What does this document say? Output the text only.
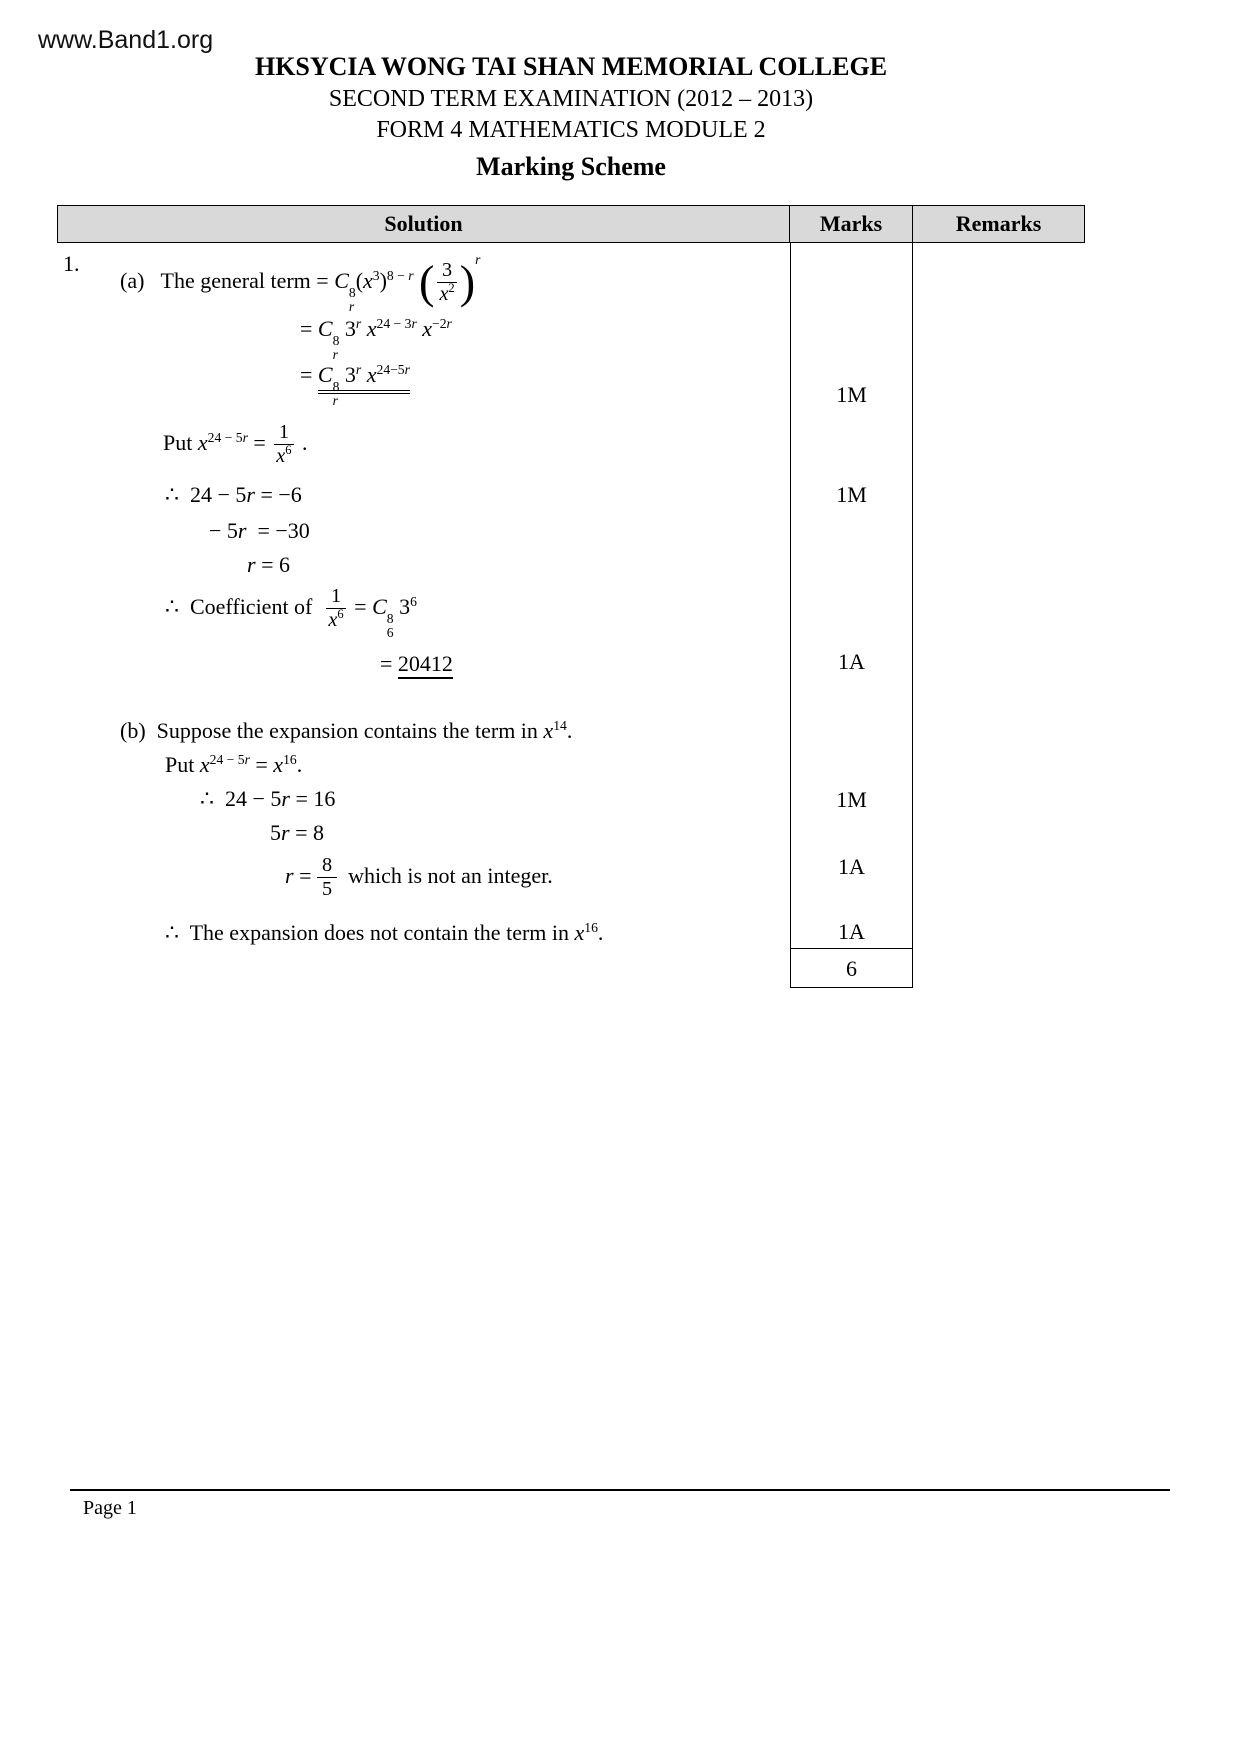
www.Band1.org
HKSYCIA WONG TAI SHAN MEMORIAL COLLEGE
SECOND TERM EXAMINATION (2012 – 2013)
FORM 4 MATHEMATICS MODULE 2
Marking Scheme
Solution	Marks	Remarks
1.
(a)   The general term = C 8
r
$(x^3)^{8 - r}$ ( $\frac{3}{x^2} )^r$
= C 8
r
3$^r$ $x^{24 - 3r}$ $x^{-2r}$
= C 8
r
3$^r$ $x^{24-5r}$
Put $x^{24 - 5r} = \frac{1}{x^6}$ .
∴  24 − 5r = −6
− 5r  = −30
r = 6
∴  Coefficient of $\frac{1}{x^6} = C$ 8
6
$3^6$
= 20412
(b)  Suppose the expansion contains the term in $x^{14}$.
Put $x^{24 - 5r} = x^{16}$.
∴  24 − 5r = 16
5r = 8
$r = \frac{8}{5}$ which is not an integer.
∴  The expansion does not contain the term in $x^{16}$.
1M
1M
1A
1M
1A
1A
6
Page 1
